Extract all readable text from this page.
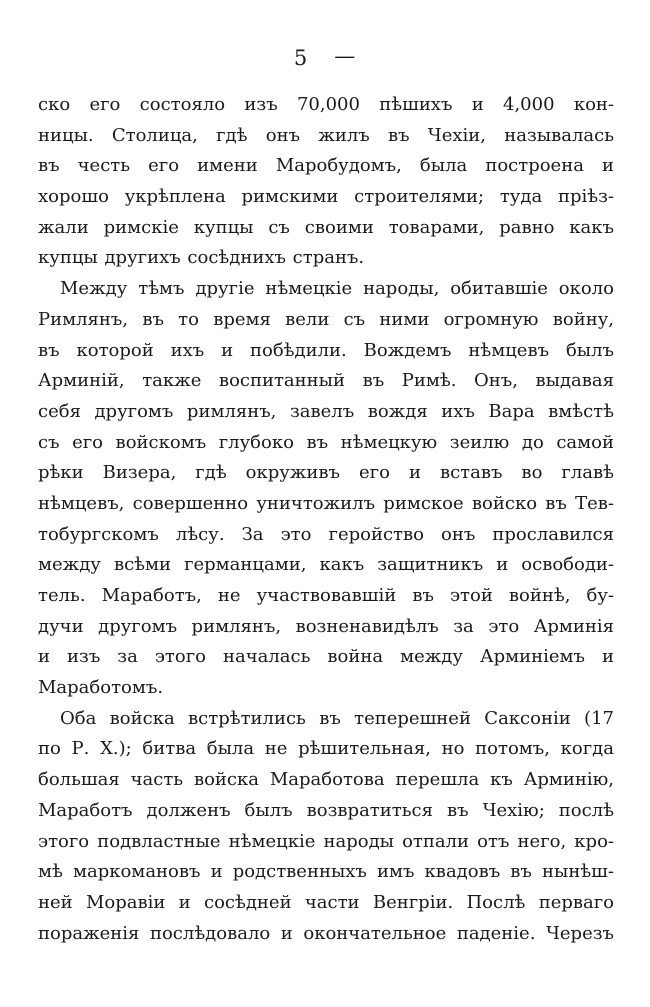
5 —
ско его состояло изъ 70,000 пѣшихъ и 4,000 кон-
ницы. Столица, гдѣ онъ жилъ въ Чехіи, называлась
въ честь его имени Маробудомъ, была построена и
хорошо укрѣплена римскими строителями; туда пріѣз-
жали римскіе купцы съ своими товарами, равно какъ
купцы другихъ сосѣднихъ странъ.
Между тѣмъ другіе нѣмецкіе народы, обитавшіе около
Римлянъ, въ то время вели съ ними огромную войну,
въ которой ихъ и побѣдили. Вождемъ нѣмцевъ былъ
Арминій, также воспитанный въ Римѣ. Онъ, выдавая
себя другомъ римлянъ, завелъ вождя ихъ Вара вмѣстѣ
съ его войскомъ глубоко въ нѣмецкую зеилю до самой
рѣки Визера, гдѣ окруживъ его и вставъ во главѣ
нѣмцевъ, совершенно уничтожилъ римское войско въ Тев-
тобургскомъ лѣсу. За это геройство онъ прославился
между всѣми германцами, какъ защитникъ и освободи-
тель. Маработъ, не участвовавшій въ этой войнѣ, бу-
дучи другомъ римлянъ, возненавидѣлъ за это Арминія
и изъ за этого началась война между Арминіемъ и
Маработомъ.
Оба войска встрѣтились въ теперешней Саксоніи (17
по Р. Х.); битва была не рѣшительная, но потомъ, когда
большая часть войска Маработова перешла къ Арминію,
Маработъ долженъ былъ возвратиться въ Чехію; послѣ
этого подвластные нѣмецкіе народы отпали отъ него, кро-
мѣ маркомановъ и родственныхъ имъ квадовъ въ нынѣш-
ней Моравіи и сосѣдней части Венгріи. Послѣ перваго
пораженія послѣдовало и окончательное паденіе. Черезъ
